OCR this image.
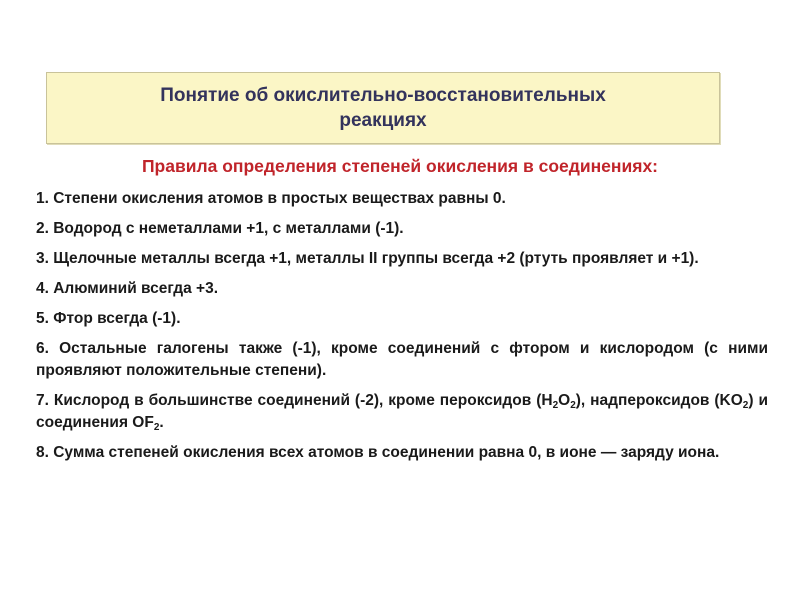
Понятие об окислительно-восстановительных
реакциях
Правила определения степеней окисления в соединениях:
1. Степени окисления атомов в простых веществах равны 0.
2. Водород с неметаллами +1, с металлами (-1).
3. Щелочные металлы всегда +1, металлы II группы всегда +2 (ртуть проявляет и +1).
4. Алюминий всегда +3.
5. Фтор всегда (-1).
6. Остальные галогены также (-1), кроме соединений с фтором и кислородом (с ними проявляют положительные степени).
7. Кислород в большинстве соединений (-2), кроме пероксидов $(H_2O_2)$, надпероксидов $(KO_2)$ и соединения $OF_2$.
8. Сумма степеней окисления всех атомов в соединении равна 0, в ионе — заряду иона.
